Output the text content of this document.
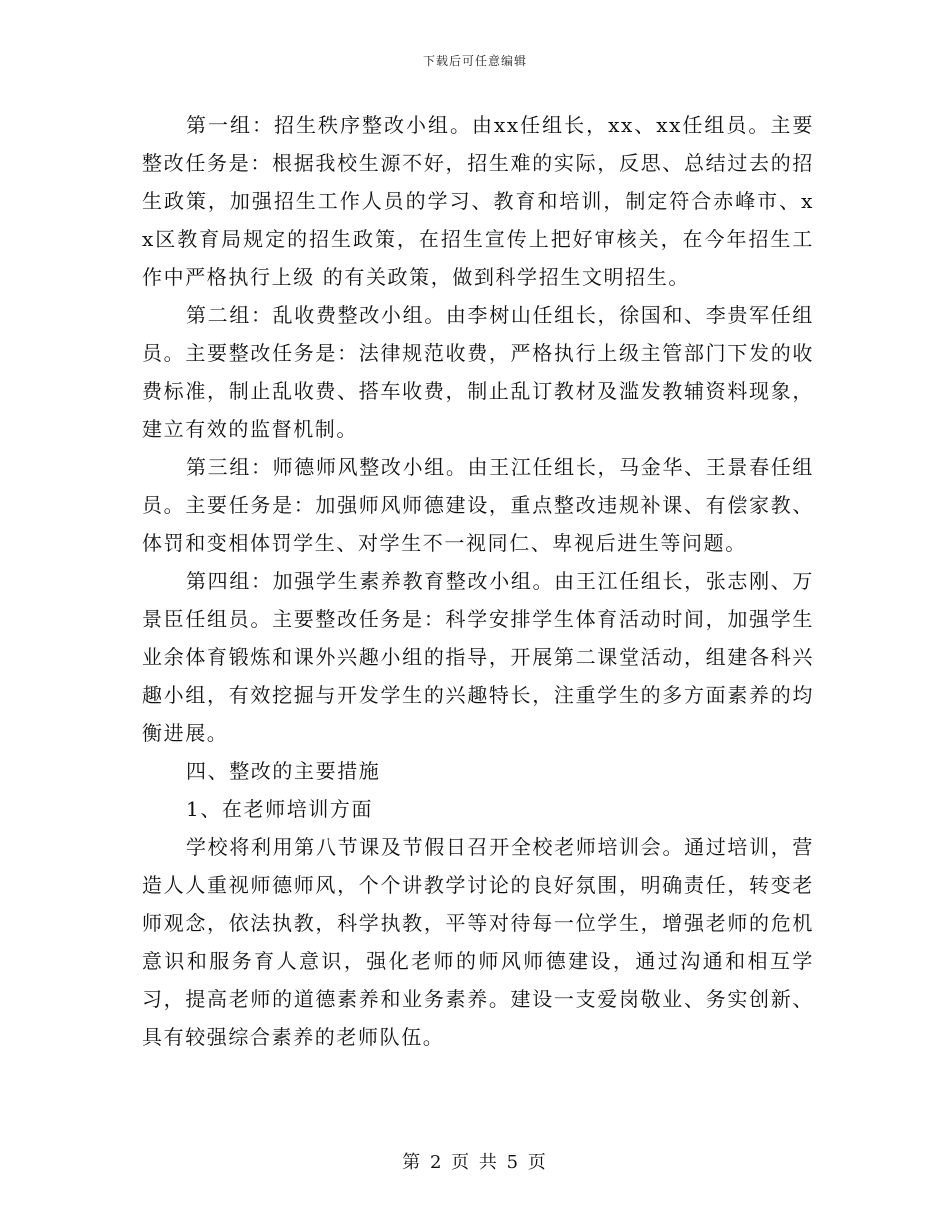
下载后可任意编辑

第一组：招生秩序整改小组。由xx任组长，xx、xx任组员。主要整改任务是：根据我校生源不好，招生难的实际，反思、总结过去的招生政策，加强招生工作人员的学习、教育和培训，制定符合赤峰市、xx区教育局规定的招生政策，在招生宣传上把好审核关，在今年招生工作中严格执行上级 的有关政策，做到科学招生文明招生。

第二组：乱收费整改小组。由李树山任组长，徐国和、李贵军任组员。主要整改任务是：法律规范收费，严格执行上级主管部门下发的收费标准，制止乱收费、搭车收费，制止乱订教材及滥发教辅资料现象，建立有效的监督机制。

第三组：师德师风整改小组。由王江任组长，马金华、王景春任组员。主要任务是：加强师风师德建设，重点整改违规补课、有偿家教、体罚和变相体罚学生、对学生不一视同仁、卑视后进生等问题。

第四组：加强学生素养教育整改小组。由王江任组长，张志刚、万景臣任组员。主要整改任务是：科学安排学生体育活动时间，加强学生业余体育锻炼和课外兴趣小组的指导，开展第二课堂活动，组建各科兴趣小组，有效挖掘与开发学生的兴趣特长，注重学生的多方面素养的均衡进展。

四、整改的主要措施

1、在老师培训方面

学校将利用第八节课及节假日召开全校老师培训会。通过培训，营造人人重视师德师风，个个讲教学讨论的良好氛围，明确责任，转变老师观念，依法执教，科学执教，平等对待每一位学生，增强老师的危机意识和服务育人意识，强化老师的师风师德建设，通过沟通和相互学习，提高老师的道德素养和业务素养。建设一支爱岗敬业、务实创新、具有较强综合素养的老师队伍。

第 2 页 共 5 页
